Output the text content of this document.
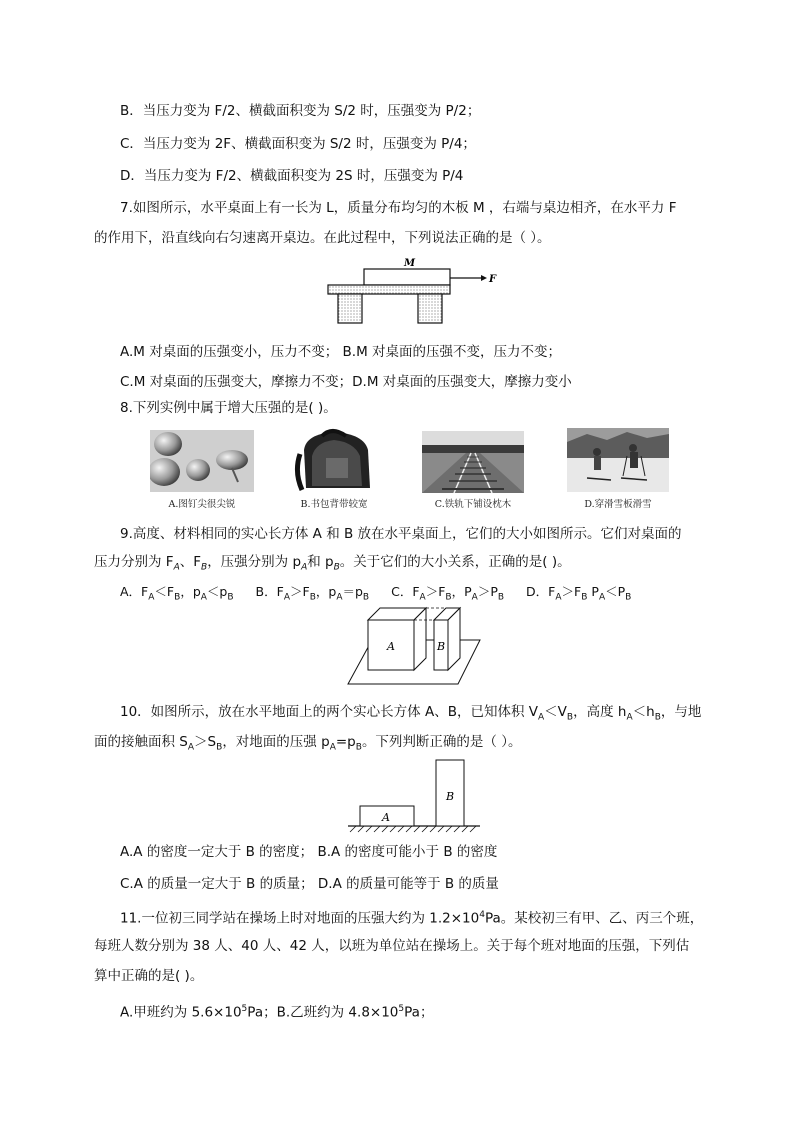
B．当压力变为 F/2、横截面积变为 S/2 时，压强变为 P/2；
C．当压力变为 2F、横截面积变为 S/2 时，压强变为 P/4；
D．当压力变为 F/2、横截面积变为 2S 时，压强变为 P/4
7.如图所示，水平桌面上有一长为 L，质量分布均匀的木板 M ，右端与桌边相齐，在水平力 F
的作用下，沿直线向右匀速离开桌边。在此过程中，下列说法正确的是（ ）。
M
F
A.M 对桌面的压强变小，压力不变； B.M 对桌面的压强不变，压力不变；
C.M 对桌面的压强变大，摩擦力不变；D.M 对桌面的压强变大，摩擦力变小
8.下列实例中属于增大压强的是( )。
A.图钉尖很尖锐	B.书包背带较宽	C.铁轨下铺设枕木	D.穿滑雪板滑雪
9.高度、材料相同的实心长方体 A 和 B 放在水平桌面上，它们的大小如图所示。它们对桌面的
压力分别为 $F_A$、$F_B$，压强分别为 $p_A$和 $p_B$。关于它们的大小关系，正确的是( )。
A．$F_A<F_B$，$p_A<p_B$ B．$F_A>F_B$，$p_A=p_B$ C．$F_A>F_B$，$P_A>P_B$ D．$F_A>F_B$ $P_A<P_B$
A	B
10．如图所示，放在水平地面上的两个实心长方体 A、B，已知体积 $V_A<V_B$，高度 $h_A<h_B$，与地
面的接触面积 $S_A>S_B$，对地面的压强 $p_A=p_B$。下列判断正确的是（ ）。
A
B
A.A 的密度一定大于 B 的密度； B.A 的密度可能小于 B 的密度
C.A 的质量一定大于 B 的质量； D.A 的质量可能等于 B 的质量
11.一位初三同学站在操场上时对地面的压强大约为 $1.2\times 10^4Pa$。某校初三有甲、乙、丙三个班，
每班人数分别为 38 人、40 人、42 人，以班为单位站在操场上。关于每个班对地面的压强，下列估
算中正确的是( )。
A.甲班约为 $5.6\times 10^5Pa$；B.乙班约为 $4.8\times 10^5Pa$；
